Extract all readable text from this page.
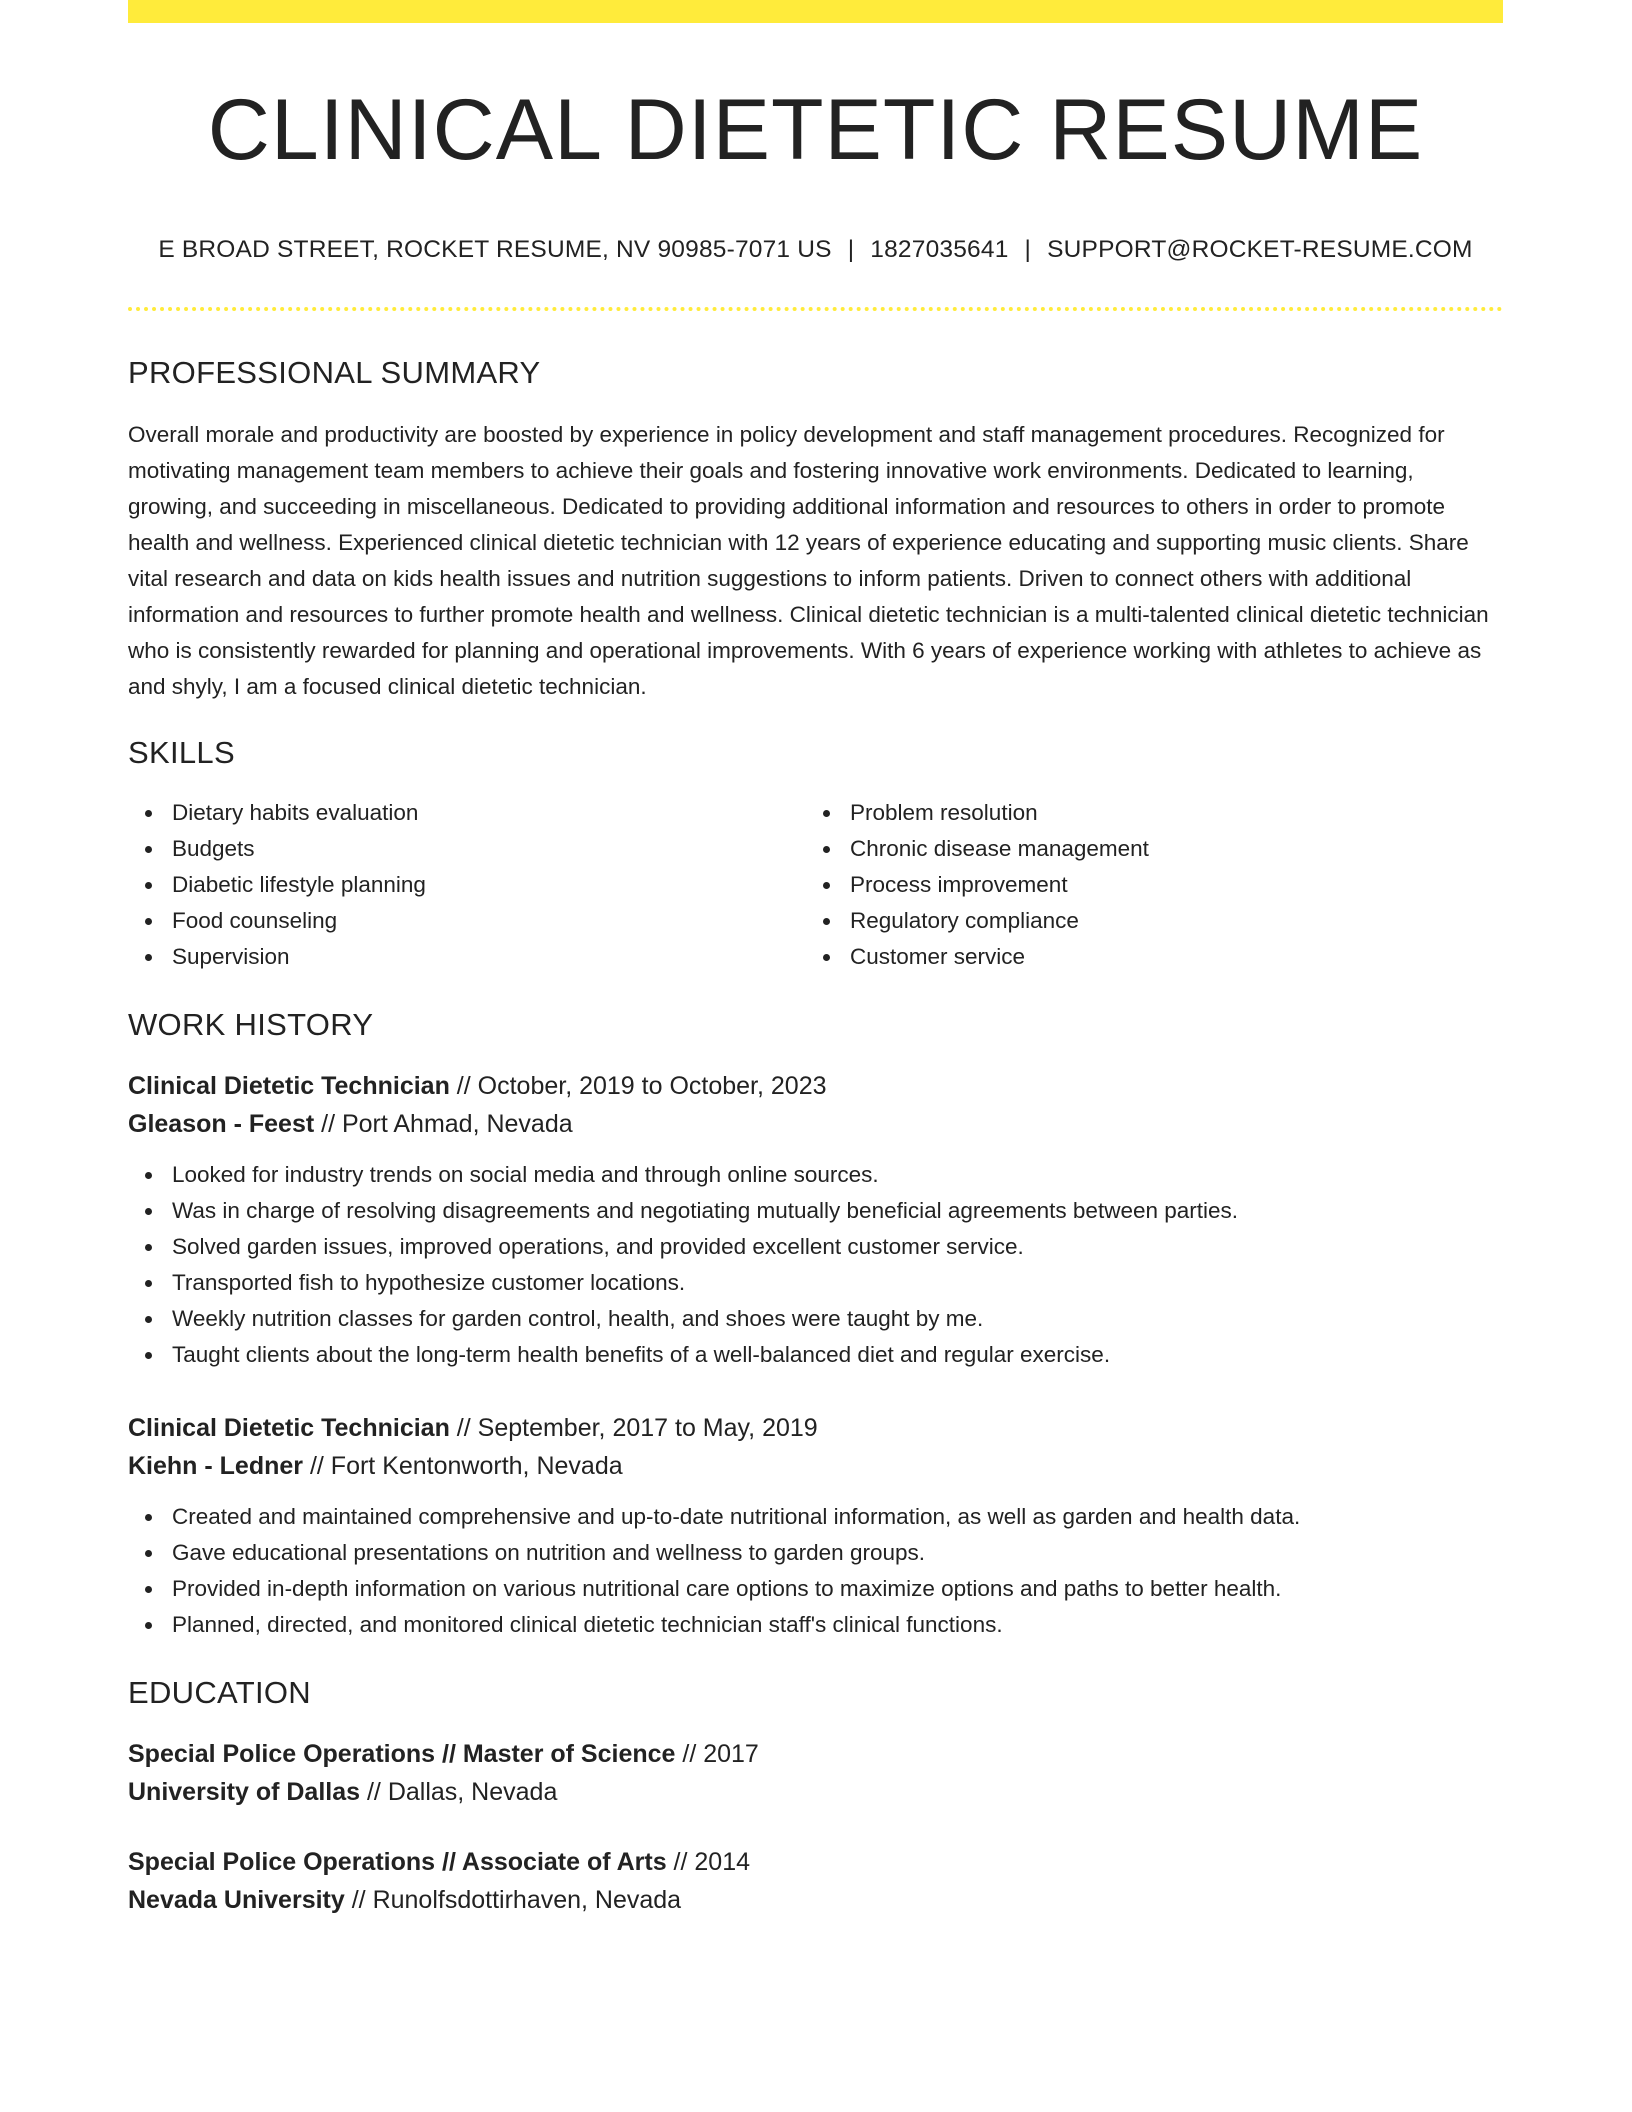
CLINICAL DIETETIC RESUME
E BROAD STREET, ROCKET RESUME, NV 90985-7071 US | 1827035641 | SUPPORT@ROCKET-RESUME.COM
PROFESSIONAL SUMMARY

Overall morale and productivity are boosted by experience in policy development and staff management procedures. Recognized for motivating management team members to achieve their goals and fostering innovative work environments. Dedicated to learning, growing, and succeeding in miscellaneous. Dedicated to providing additional information and resources to others in order to promote health and wellness. Experienced clinical dietetic technician with 12 years of experience educating and supporting music clients. Share vital research and data on kids health issues and nutrition suggestions to inform patients. Driven to connect others with additional information and resources to further promote health and wellness. Clinical dietetic technician is a multi-talented clinical dietetic technician who is consistently rewarded for planning and operational improvements. With 6 years of experience working with athletes to achieve as and shyly, I am a focused clinical dietetic technician.

SKILLS
Dietary habits evaluation
Budgets
Diabetic lifestyle planning
Food counseling
Supervision
Problem resolution
Chronic disease management
Process improvement
Regulatory compliance
Customer service
WORK HISTORY
Clinical Dietetic Technician // October, 2019 to October, 2023
Gleason - Feest // Port Ahmad, Nevada
Looked for industry trends on social media and through online sources.
Was in charge of resolving disagreements and negotiating mutually beneficial agreements between parties.
Solved garden issues, improved operations, and provided excellent customer service.
Transported fish to hypothesize customer locations.
Weekly nutrition classes for garden control, health, and shoes were taught by me.
Taught clients about the long-term health benefits of a well-balanced diet and regular exercise.
Clinical Dietetic Technician // September, 2017 to May, 2019
Kiehn - Ledner // Fort Kentonworth, Nevada
Created and maintained comprehensive and up-to-date nutritional information, as well as garden and health data.
Gave educational presentations on nutrition and wellness to garden groups.
Provided in-depth information on various nutritional care options to maximize options and paths to better health.
Planned, directed, and monitored clinical dietetic technician staff's clinical functions.
EDUCATION
Special Police Operations // Master of Science // 2017
University of Dallas // Dallas, Nevada
Special Police Operations // Associate of Arts // 2014
Nevada University // Runolfsdottirhaven, Nevada
